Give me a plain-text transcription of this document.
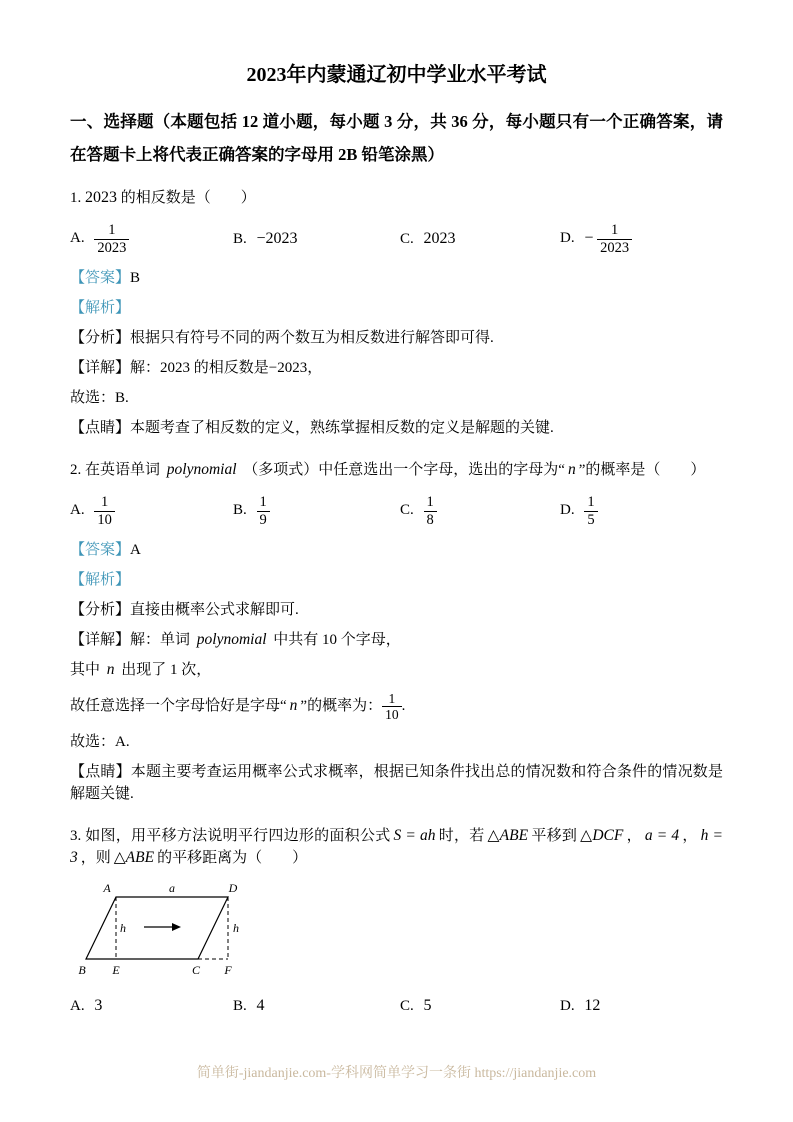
2023年内蒙通辽初中学业水平考试

一、选择题（本题包括 12 道小题，每小题 3 分，共 36 分，每小题只有一个正确答案，请在答题卡上将代表正确答案的字母用 2B 铅笔涂黑）

1. 2023 的相反数是（　　）

A. $\frac{1}{2023}$	B. −2023	C. 2023	D. − $\frac{1}{2023}$

【答案】B

【解析】

【分析】根据只有符号不同的两个数互为相反数进行解答即可得.

【详解】解：2023 的相反数是−2023，

故选：B.

【点睛】本题考查了相反数的定义，熟练掌握相反数的定义是解题的关键.

2. 在英语单词 polynomial （多项式）中任意选出一个字母，选出的字母为“ n ”的概率是（　　）

A. $\frac{1}{10}$	B. $\frac{1}{9}$	C. $\frac{1}{8}$	D. $\frac{1}{5}$

【答案】A

【解析】

【分析】直接由概率公式求解即可.

【详解】解：单词 polynomial 中共有 10 个字母，

其中 n 出现了 1 次，

故任意选择一个字母恰好是字母“ n ”的概率为： $\frac{1}{10}$ .

故选：A.

【点睛】本题主要考查运用概率公式求概率，根据已知条件找出总的情况数和符合条件的情况数是解题关键.

3. 如图，用平移方法说明平行四边形的面积公式 S = ah 时，若 △ABE 平移到 △DCF ， a = 4 ， h = 3 ，则 △ABE 的平移距离为（　　）

A	a	D
B E	C F
h	h
A. 3	B. 4	C. 5	D. 12
简单街-jiandanjie.com-学科网简单学习一条街 https://jiandanjie.com
